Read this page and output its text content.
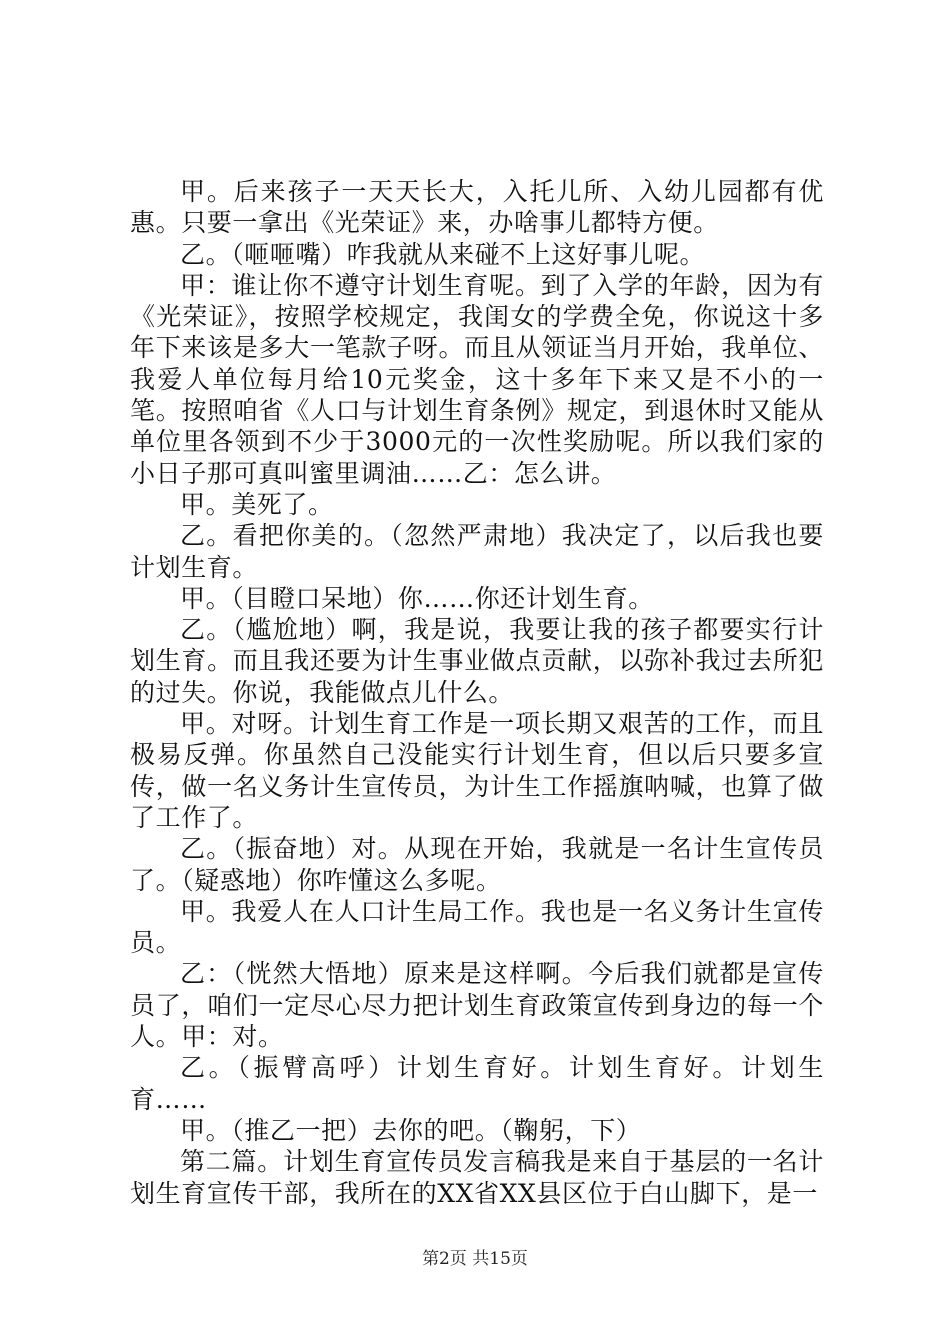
甲。后来孩子一天天长大，入托儿所、入幼儿园都有优惠。只要一拿出《光荣证》来，办啥事儿都特方便。

乙。（咂咂嘴）咋我就从来碰不上这好事儿呢。

甲：谁让你不遵守计划生育呢。到了入学的年龄，因为有《光荣证》，按照学校规定，我闺女的学费全免，你说这十多年下来该是多大一笔款子呀。而且从领证当月开始，我单位、我爱人单位每月给10元奖金，这十多年下来又是不小的一笔。按照咱省《人口与计划生育条例》规定，到退休时又能从单位里各领到不少于3000元的一次性奖励呢。所以我们家的小日子那可真叫蜜里调油……乙：怎么讲。

甲。美死了。

乙。看把你美的。（忽然严肃地）我决定了，以后我也要计划生育。

甲。（目瞪口呆地）你……你还计划生育。

乙。（尴尬地）啊，我是说，我要让我的孩子都要实行计划生育。而且我还要为计生事业做点贡献，以弥补我过去所犯的过失。你说，我能做点儿什么。

甲。对呀。计划生育工作是一项长期又艰苦的工作，而且极易反弹。你虽然自己没能实行计划生育，但以后只要多宣传，做一名义务计生宣传员，为计生工作摇旗呐喊，也算了做了工作了。

乙。（振奋地）对。从现在开始，我就是一名计生宣传员了。（疑惑地）你咋懂这么多呢。

甲。我爱人在人口计生局工作。我也是一名义务计生宣传员。

乙：（恍然大悟地）原来是这样啊。今后我们就都是宣传员了，咱们一定尽心尽力把计划生育政策宣传到身边的每一个人。甲：对。

乙。（振臂高呼）计划生育好。计划生育好。计划生育……

甲。（推乙一把）去你的吧。（鞠躬，下）

第二篇。计划生育宣传员发言稿我是来自于基层的一名计划生育宣传干部，我所在的XX省XX县区位于白山脚下，是一

第2页 共15页
